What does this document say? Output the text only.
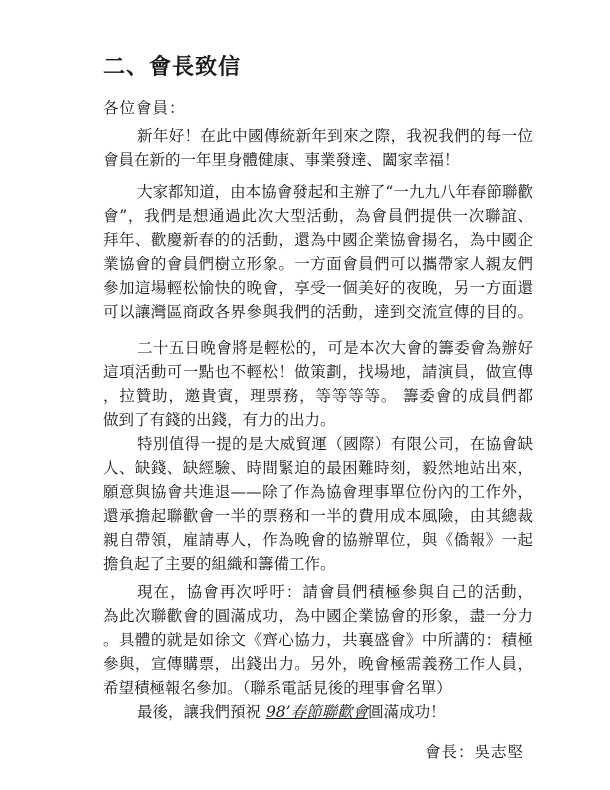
二、會長致信
各位會員：
新年好！在此中國傳統新年到來之際，我祝我們的每一位
會員在新的一年里身體健康、事業發達、闔家幸福！
大家都知道，由本協會發起和主辦了“一九九八年春節聯歡
會”，我們是想通過此次大型活動，為會員們提供一次聯誼、
拜年、歡慶新春的的活動，還為中國企業協會揚名，為中國企
業協會的會員們樹立形象。一方面會員們可以攜帶家人親友們
參加這場輕松愉快的晚會，享受一個美好的夜晚，另一方面還
可以讓灣區商政各界參與我們的活動，達到交流宣傳的目的。
二十五日晚會將是輕松的，可是本次大會的籌委會為辦好
這項活動可一點也不輕松！做策劃，找場地，請演員，做宣傳
，拉贊助，邀貴賓，理票務，等等等等。 籌委會的成員們都
做到了有錢的出錢，有力的出力。
特別值得一提的是大威貿運（國際）有限公司，在協會缺
人、缺錢、缺經驗、時間緊迫的最困難時刻，毅然地站出來，
願意與協會共進退——除了作為協會理事單位份內的工作外，
還承擔起聯歡會一半的票務和一半的費用成本風險，由其總裁
親自帶領，雇請專人，作為晚會的協辦單位，與《僑報》一起
擔負起了主要的組織和籌備工作。
現在，協會再次呼吁：請會員們積極參與自己的活動，
為此次聯歡會的圓滿成功，為中國企業協會的形象，盡一分力
。具體的就是如徐文《齊心協力，共襄盛會》中所講的：積極
參與，宣傳購票，出錢出力。另外，晚會極需義務工作人員，
希望積極報名參加。（聯系電話見後的理事會名單）
最後，讓我們預祝 98’春節聯歡會圓滿成功！
會長：吳志堅
